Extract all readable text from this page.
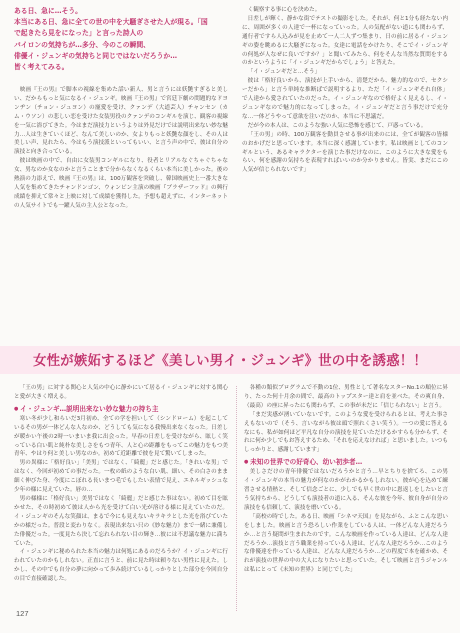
ある日、急に…そう。
本当にある日、急に全ての世の中を大騒ぎさせた人が現る。「国
で起きたら見をになった」と言った詩人の
バイロンの気持ちが…多分、今のこの瞬間、
俳優イ・ジュンギの気持ちと同じではないだろうか…
皆く考えてみる。

映画『王の男』で脚本の視線を集めた話い新人、男と言うには妖艶すぎると美しい、だからもっと気になるイ・ジュンギ。映画『王の男』で宮廷下劇の問題的なドヨンヂン（チョン・ジュヨン）の寵愛を受け、クァンデ（大道芸人）チャンセン（カム・ウソン）の悲しい恋を受けた女装男役のクァンデのコンギルを演じ、観客の視線を一気に浴びてきた。今はまだ演技力というよりは外見だけでは説明出来ない妙な魅力…人は生きていくほど、なんて美しいのか、女よりもっと妖艶な顔をし、その人は美しい声、見れたら、今はもう演技派といってもいい、と言う声の中で、彼は自分の演技と向き合っている。

彼は映画の中で、自由に女装男コンギルになり、役者とリアルなぐちゃぐちゃな女、男なのか女なのかと言うことまで分からなくなるくらい本当に美しかった。後の熱演の力添えで、映画『王の男』は、100万観客を突破し、韓国映画史上一番大きな人気を集めてきたチャンドンゴン、ウォンビン主演の映画『ブラザーフッド』の興行成績を抑えて常々と上映に対して成績を獲得した。予想も超えずに、インターネットの人気サイトでも一躍人気の主人公となった。

く観察する事に心を決めた。

日差しが輝く、静かな街でテストの撮影をした。それが、何と1分も経たない内に、周囲が多くの人達で一杯になっていった。人の気配がない道にも関わらず、通行者ですら人込みが見を止めて一人二人ずつ集まり、日の前に居るイ・ジュンギの姿を眺めるに大騒ぎになった。女達に電話をかけたり、そこでイ・ジュンギの何処が人なぜに良いですか？」と聞いてみたら、何をそんな当然な質問をするのかというように「イ・ジュンギだからでしょう」と答えた。

「イ・ジュンギだと…そう」

彼は「格好良いから、演技が上手いから、清楚だから、魅力的なので、セクシーだから」と言う単純な推断ばで説明するより、ただ「イ・ジュンギそれ自体」で人達から愛されていたのだった。イ・ジュンギなので格好よく見えるし、イ・ジュンギなので魅力的になってしまった。イ・ジュンギだと言う事だけで充分な…一体どうやって意欲を注いだのか、本当に不思議だ。

だが今の本人は、このような強い人気に恐怖を感じて、戸惑っている。

「王の男」の時、100万観客を動員させる事が出来のには、全てが観客の皆様のおかげだと思っています。本当に深く感謝しています。私は映画としてのコンギルという、あるキャラクターを演じた事だけなのに、このように大きな愛をもらい、何を感謝の気持ちを表現すればいいのか分かりません。皆実、まだにこの人気が信じられないです」

女性が嫉妬するほど《美しい男イ・ジュンギ》世の中を誘惑！！

「王の男」に対する関心と人気の中心に静かにいて居るイ・ジュンギに対する関心と愛が大きく増える。

● イ・ジュンギ…説明出来ない妙な魅力の持ち主

寒い冬が少し和らいだ3月初め、全ての学を担いして（シンドローム）を起こしているその男が一体どんな人なのか、どうしても気になる我慢出来なくなった。日差しが暖かい午後の2時一いまいま我に出会った。早春の日差しを受けながら、眩しく笑っている白い肌と純朴な美しさをもつ青年、人と心の距離をもってこの魅力をもつ美青年、やはり何と美しい男なのか。初めて近距離で彼を見て驚いてしまった。

男の異様に「格好良い」「美男」ではなく、「綺麗」だと感じた。「きれいな男」ではなく、今回が初めての事だった。一枚の紙のような白い肌、細い、その白さのまま細く伸びた身、今度にこぼれる長いまつ毛でもしたい表情で見え、エネルギッシュな少年の様に見えていた。唇の…

男の様様に「格好良い」美男ではなく「綺麗」だと感じた事はない。初めて目を眩かせた、その時初めて彼は人から光を受けて白い光が溶ける様に見えていたのだ。イ・ジュンギのそんな笑顔は、まるで今にも見えないキラキラとした光を浴びていたかの様だった。普段と変わりなく。表現出来ない只の《妙な魅力》まで一緒に兼備した俳優だった。一度見たら決して忘れられない目の輝き…彼には不思議な魅力に満ちていた。

イ・ジュンギに秘められた本当の魅力は何処にあるのだろうか？イ・ジュンギに行われていたのかもしれない。正直に言うと、前に見た時は頼りない男性に見えた。しかし、その中でも自分の夢に向かって歩み続けているしっかりとした部分を今回自分の目で直接確認した。

各種の類似ブログラムで不動の1位、男性として著名なスターNo.1の順位に昇り、たった何十月余の間で、最高のトップスター達と肩を並べた。その爽自身、（最高）の座に昇ったにも関わらず、この事が未だに「信じられない」と言う。

「まだ実感が湧いていないです。このような愛を受けられるとは、考えた事さえもないので（そう、言いながら彼は頭で照れくさい笑う）。一つの愛に答えるなにも、私が如何ほど平凡な自分の演技を見ていただけるかすらも分からず、それに何か少しでもお答えするため、「それを応えなければ」と思いました。いつもしっかりと、感謝しています」

● 未知の世界での好奇心、幼い初歩者…

美しさだけの青年俳優ではないだろうかと言う…早とちりを捨てろ、この男イ・ジュンギの本当の魅力が何なのかがわかるかもしれない。彼が心を込めて練習させる情熱と、そして信念ごとに、少しでも早く世の中に恩返しをしたいと言う気持ちから、どうしても演技者の道に入る、そんな彼を今年、彼自身が自分の演技をも信頼して、演技を磨いている。

「高校の時でした。ある日、映画『シネマ天国』を見ながら、ふとこんな思いをしました。映画と言う恐ろしい作業をしている人は、一体どんな人達だろうか…と言う疑問が生まれたのです。こんな映画を作っている人達は、どんな人達だろうか…演技と言う職業を持っている人達は、どんな人達だろうか…このような俳優達を作っている人達は、どんな人達だろうか…どの程度で本を確かめ、それが演技の世界の中の大人になりたいと思っていた。そして映画と言うジャンルは私にとって《未知の世界》と同じでした」

127
